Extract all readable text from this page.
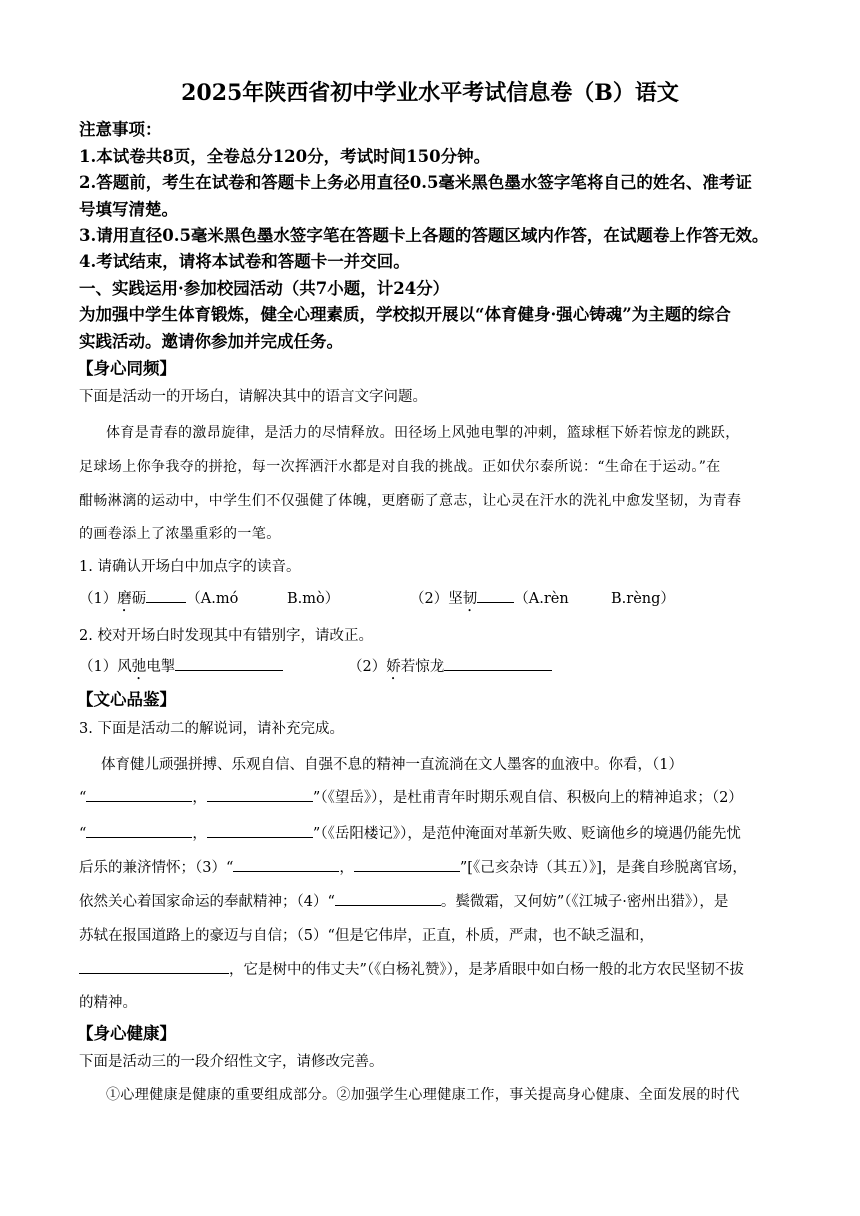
2025年陕西省初中学业水平考试信息卷（B）语文
注意事项：
1.本试卷共8页，全卷总分120分，考试时间150分钟。
2.答题前，考生在试卷和答题卡上务必用直径0.5毫米黑色墨水签字笔将自己的姓名、准考证
号填写清楚。
3.请用直径0.5毫米黑色墨水签字笔在答题卡上各题的答题区域内作答，在试题卷上作答无效。
4.考试结束，请将本试卷和答题卡一并交回。
一、实践运用·参加校园活动（共7小题，计24分）
为加强中学生体育锻炼，健全心理素质，学校拟开展以“体育健身·强心铸魂”为主题的综合
实践活动。邀请你参加并完成任务。
【身心同频】
下面是活动一的开场白，请解决其中的语言文字问题。
体育是青春的激昂旋律，是活力的尽情释放。田径场上风弛电掣的冲刺，篮球框下娇若惊龙的跳跃，
足球场上你争我夺的拼抢，每一次挥洒汗水都是对自我的挑战。正如伏尔泰所说：“生命在于运动。”在
酣畅淋漓的运动中，中学生们不仅强健了体魄，更磨砺了意志，让心灵在汗水的洗礼中愈发坚韧，为青春
的画卷添上了浓墨重彩的一笔。
1. 请确认开场白中加点字的读音。
（1）磨砺	（A.mó	B.mò）	（2）坚韧	（A.rèn	B.rèng）
2. 校对开场白时发现其中有错别字，请改正。
（1）风弛电掣	（2）娇若惊龙
【文心品鉴】
3. 下面是活动二的解说词，请补充完成。
体育健儿顽强拼搏、乐观自信、自强不息的精神一直流淌在文人墨客的血液中。你看，（1）
“	，	”（《望岳》），是杜甫青年时期乐观自信、积极向上的精神追求；（2）
“	，	”（《岳阳楼记》），是范仲淹面对革新失败、贬谪他乡的境遇仍能先忧
后乐的兼济情怀；（3）“	，	”[《己亥杂诗（其五）》]，是龚自珍脱离官场，
依然关心着国家命运的奉献精神；（4）“	。鬓微霜，又何妨”（《江城子·密州出猎》），是
苏轼在报国道路上的豪迈与自信；（5）“但是它伟岸，正直，朴质，严肃，也不缺乏温和，
，它是树中的伟丈夫”（《白杨礼赞》），是茅盾眼中如白杨一般的北方农民坚韧不拔
的精神。
【身心健康】
下面是活动三的一段介绍性文字，请修改完善。
①心理健康是健康的重要组成部分。②加强学生心理健康工作，事关提高身心健康、全面发展的时代
